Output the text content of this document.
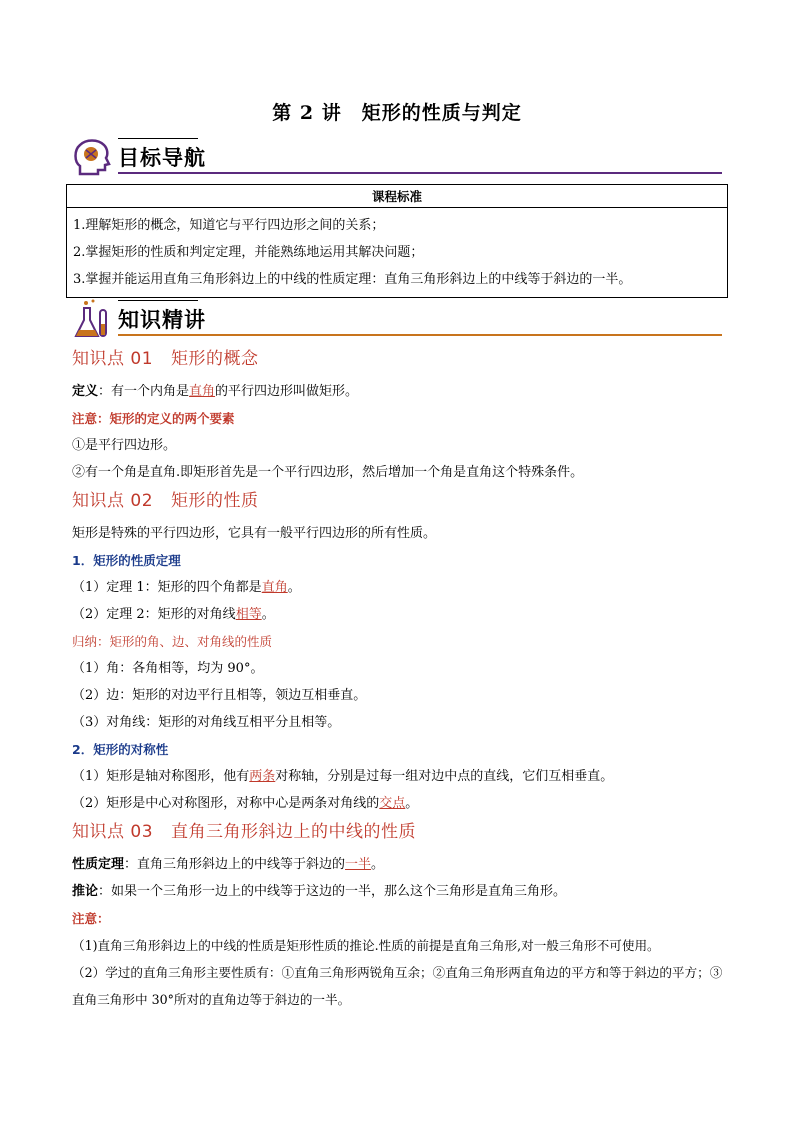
第 2 讲　矩形的性质与判定
目标导航
课程标准

1.理解矩形的概念，知道它与平行四边形之间的关系；
2.掌握矩形的性质和判定定理，并能熟练地运用其解决问题；
3.掌握并能运用直角三角形斜边上的中线的性质定理：直角三角形斜边上的中线等于斜边的一半。
知识精讲

知识点 01 矩形的概念

定义：有一个内角是直角的平行四边形叫做矩形。

注意：矩形的定义的两个要素

①是平行四边形。

②有一个角是直角.即矩形首先是一个平行四边形，然后增加一个角是直角这个特殊条件。

知识点 02 矩形的性质

矩形是特殊的平行四边形，它具有一般平行四边形的所有性质。

1．矩形的性质定理

（1）定理 1：矩形的四个角都是直角。

（2）定理 2：矩形的对角线相等。

归纳：矩形的角、边、对角线的性质

（1）角：各角相等，均为 90°。

（2）边：矩形的对边平行且相等，领边互相垂直。

（3）对角线：矩形的对角线互相平分且相等。

2．矩形的对称性

（1）矩形是轴对称图形，他有两条对称轴，分别是过每一组对边中点的直线，它们互相垂直。

（2）矩形是中心对称图形，对称中心是两条对角线的交点。

知识点 03 直角三角形斜边上的中线的性质

性质定理：直角三角形斜边上的中线等于斜边的一半。

推论：如果一个三角形一边上的中线等于这边的一半，那么这个三角形是直角三角形。

注意：

（1)直角三角形斜边上的中线的性质是矩形性质的推论.性质的前提是直角三角形,对一般三角形不可使用。

（2）学过的直角三角形主要性质有：①直角三角形两锐角互余；②直角三角形两直角边的平方和等于斜边的平方；③直角三角形中 30°所对的直角边等于斜边的一半。
